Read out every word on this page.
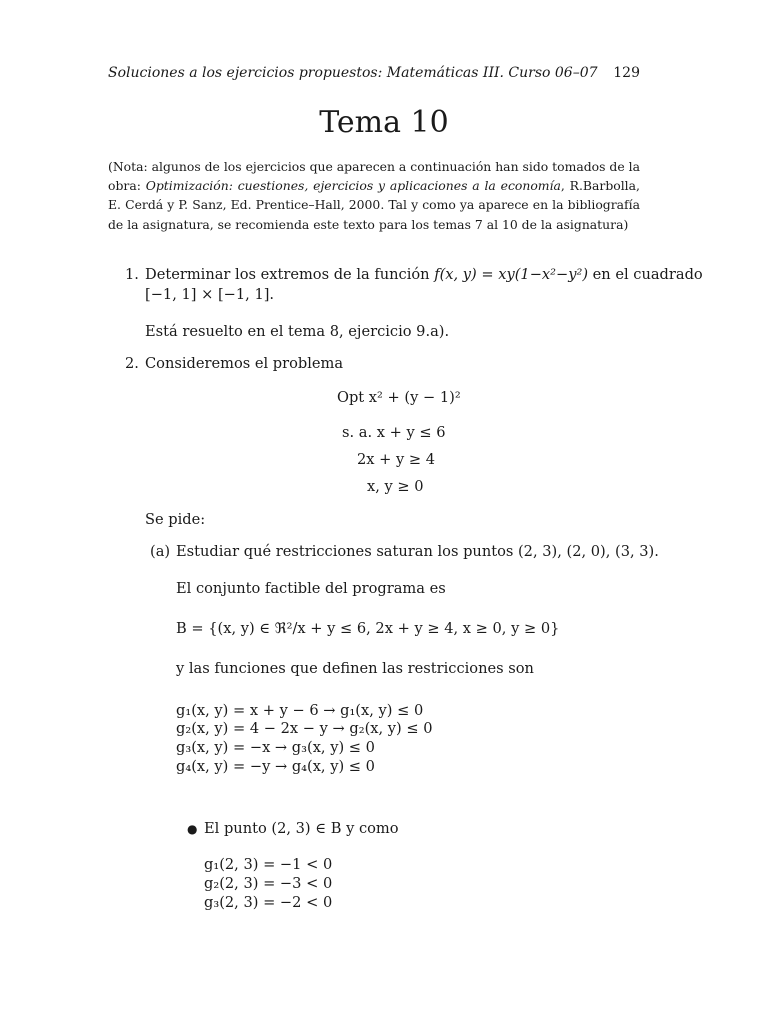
Soluciones a los ejercicios propuestos: Matemáticas III. Curso 06–07 129
Tema 10
(Nota: algunos de los ejercicios que aparecen a continuación han sido tomados de la obra: Optimización: cuestiones, ejercicios y aplicaciones a la economía, R.Barbolla, E. Cerdá y P. Sanz, Ed. Prentice–Hall, 2000. Tal y como ya aparece en la bibliografía de la asignatura, se recomienda este texto para los temas 7 al 10 de la asignatura)
1. Determinar los extremos de la función f(x, y) = xy(1−x²−y²) en el cuadrado
[−1, 1] × [−1, 1].
Está resuelto en el tema 8, ejercicio 9.a).
2. Consideremos el problema
Opt x² + (y − 1)²
s. a. x + y ≤ 6
2x + y ≥ 4
x, y ≥ 0
Se pide:
(a) Estudiar qué restricciones saturan los puntos (2, 3), (2, 0), (3, 3).
El conjunto factible del programa es
B = {(x, y) ∈ ℜ²/x + y ≤ 6, 2x + y ≥ 4, x ≥ 0, y ≥ 0}
y las funciones que definen las restricciones son
g₁(x, y) = x + y − 6 → g₁(x, y) ≤ 0
g₂(x, y) = 4 − 2x − y → g₂(x, y) ≤ 0
g₃(x, y) = −x → g₃(x, y) ≤ 0
g₄(x, y) = −y → g₄(x, y) ≤ 0
● El punto (2, 3) ∈ B y como
g₁(2, 3) = −1 < 0
g₂(2, 3) = −3 < 0
g₃(2, 3) = −2 < 0
